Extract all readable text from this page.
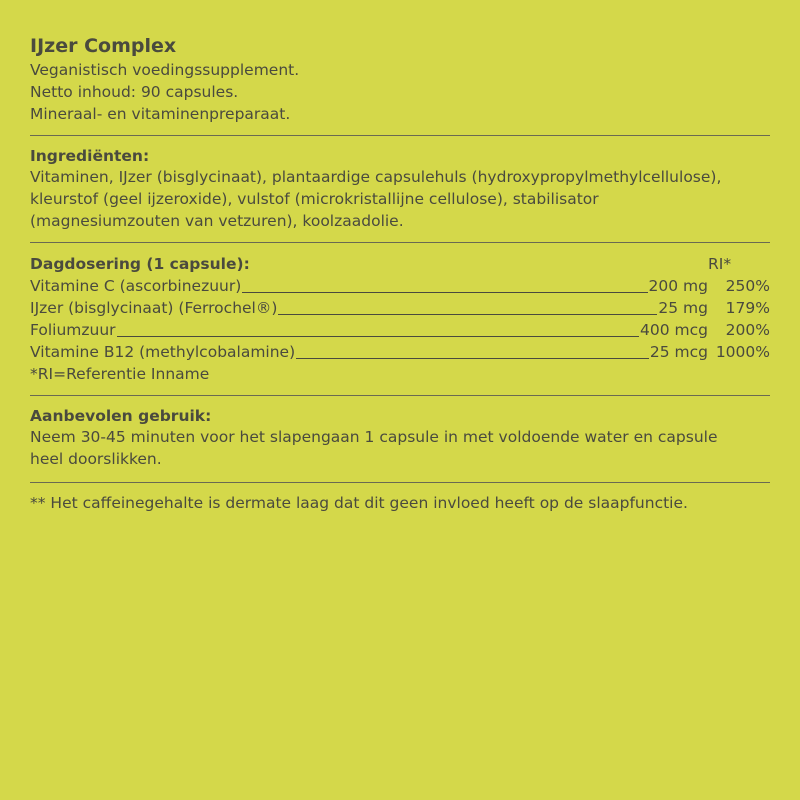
IJzer Complex

Veganistisch voedingssupplement.

Netto inhoud: 90 capsules.

Mineraal- en vitaminenpreparaat.

Ingrediënten:

Vitaminen, IJzer (bisglycinaat), plantaardige capsulehuls (hydroxypropylmethylcellulose),

kleurstof (geel ijzeroxide), vulstof (microkristallijne cellulose), stabilisator

(magnesiumzouten van vetzuren), koolzaadolie.

Dagdosering (1 capsule):	RI*
Vitamine C (ascorbinezuur)	200 mg	250%
IJzer (bisglycinaat) (Ferrochel®)	25 mg	179%
Foliumzuur	400 mcg	200%
Vitamine B12 (methylcobalamine)	25 mcg 1000%

*RI=Referentie Inname

Aanbevolen gebruik:

Neem 30-45 minuten voor het slapengaan 1 capsule in met voldoende water en capsule

heel doorslikken.

** Het caffeinegehalte is dermate laag dat dit geen invloed heeft op de slaapfunctie.
